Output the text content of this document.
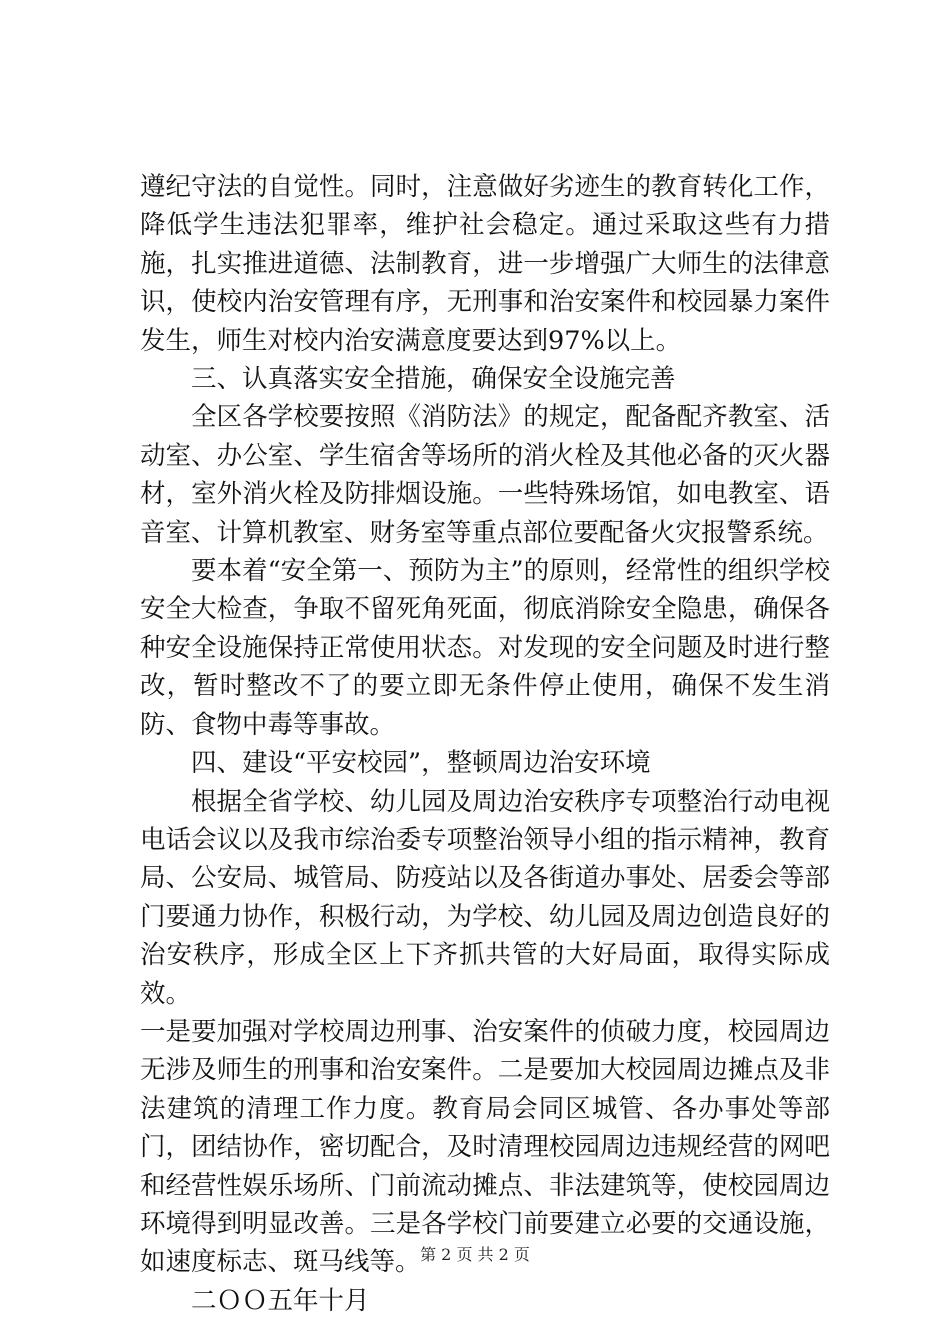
遵纪守法的自觉性。同时，注意做好劣迹生的教育转化工作，降低学生违法犯罪率，维护社会稳定。通过采取这些有力措施，扎实推进道德、法制教育，进一步增强广大师生的法律意识，使校内治安管理有序，无刑事和治安案件和校园暴力案件发生，师生对校内治安满意度要达到97%以上。

三、认真落实安全措施，确保安全设施完善

全区各学校要按照《消防法》的规定，配备配齐教室、活动室、办公室、学生宿舍等场所的消火栓及其他必备的灭火器材，室外消火栓及防排烟设施。一些特殊场馆，如电教室、语音室、计算机教室、财务室等重点部位要配备火灾报警系统。

要本着“安全第一、预防为主”的原则，经常性的组织学校安全大检查，争取不留死角死面，彻底消除安全隐患，确保各种安全设施保持正常使用状态。对发现的安全问题及时进行整改，暂时整改不了的要立即无条件停止使用，确保不发生消防、食物中毒等事故。

四、建设“平安校园”，整顿周边治安环境

根据全省学校、幼儿园及周边治安秩序专项整治行动电视电话会议以及我市综治委专项整治领导小组的指示精神，教育局、公安局、城管局、防疫站以及各街道办事处、居委会等部门要通力协作，积极行动，为学校、幼儿园及周边创造良好的治安秩序，形成全区上下齐抓共管的大好局面，取得实际成效。

一是要加强对学校周边刑事、治安案件的侦破力度，校园周边无涉及师生的刑事和治安案件。二是要加大校园周边摊点及非法建筑的清理工作力度。教育局会同区城管、各办事处等部门，团结协作，密切配合，及时清理校园周边违规经营的网吧和经营性娱乐场所、门前流动摊点、非法建筑等，使校园周边环境得到明显改善。三是各学校门前要建立必要的交通设施，如速度标志、斑马线等。

二ＯＯ五年十月

第 2 页 共 2 页
